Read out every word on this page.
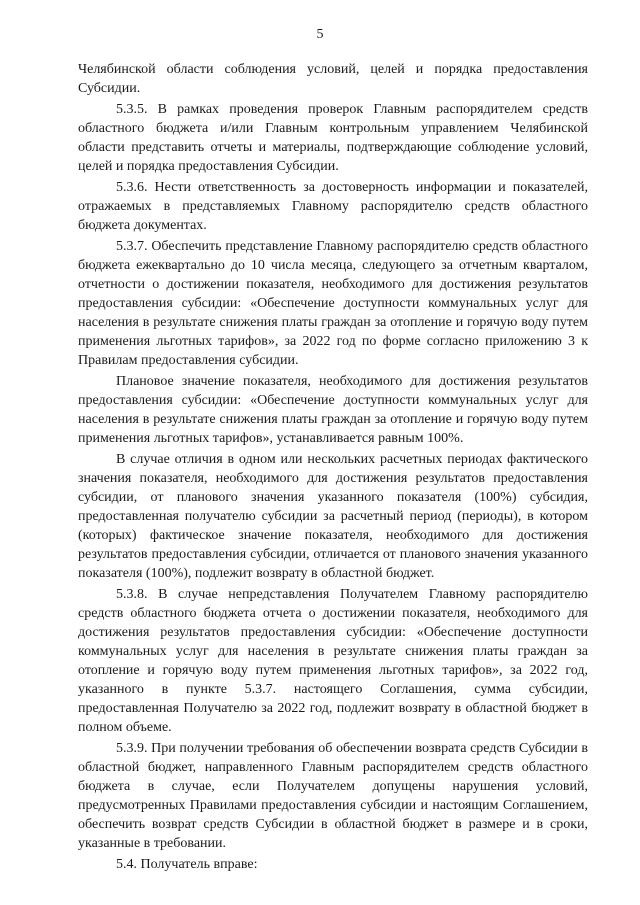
5

Челябинской области соблюдения условий, целей и порядка предоставления Субсидии.

5.3.5. В рамках проведения проверок Главным распорядителем средств областного бюджета и/или Главным контрольным управлением Челябинской области представить отчеты и материалы, подтверждающие соблюдение условий, целей и порядка предоставления Субсидии.

5.3.6. Нести ответственность за достоверность информации и показателей, отражаемых в представляемых Главному распорядителю средств областного бюджета документах.

5.3.7. Обеспечить представление Главному распорядителю средств областного бюджета ежеквартально до 10 числа месяца, следующего за отчетным кварталом, отчетности о достижении показателя, необходимого для достижения результатов предоставления субсидии: «Обеспечение доступности коммунальных услуг для населения в результате снижения платы граждан за отопление и горячую воду путем применения льготных тарифов», за 2022 год по форме согласно приложению 3 к Правилам предоставления субсидии.

Плановое значение показателя, необходимого для достижения результатов предоставления субсидии: «Обеспечение доступности коммунальных услуг для населения в результате снижения платы граждан за отопление и горячую воду путем применения льготных тарифов», устанавливается равным 100%.

В случае отличия в одном или нескольких расчетных периодах фактического значения показателя, необходимого для достижения результатов предоставления субсидии, от планового значения указанного показателя (100%) субсидия, предоставленная получателю субсидии за расчетный период (периоды), в котором (которых) фактическое значение показателя, необходимого для достижения результатов предоставления субсидии, отличается от планового значения указанного показателя (100%), подлежит возврату в областной бюджет.

5.3.8. В случае непредставления Получателем Главному распорядителю средств областного бюджета отчета о достижении показателя, необходимого для достижения результатов предоставления субсидии: «Обеспечение доступности коммунальных услуг для населения в результате снижения платы граждан за отопление и горячую воду путем применения льготных тарифов», за 2022 год, указанного в пункте 5.3.7. настоящего Соглашения, сумма субсидии, предоставленная Получателю за 2022 год, подлежит возврату в областной бюджет в полном объеме.

5.3.9. При получении требования об обеспечении возврата средств Субсидии в областной бюджет, направленного Главным распорядителем средств областного бюджета в случае, если Получателем допущены нарушения условий, предусмотренных Правилами предоставления субсидии и настоящим Соглашением, обеспечить возврат средств Субсидии в областной бюджет в размере и в сроки, указанные в требовании.

5.4. Получатель вправе:
